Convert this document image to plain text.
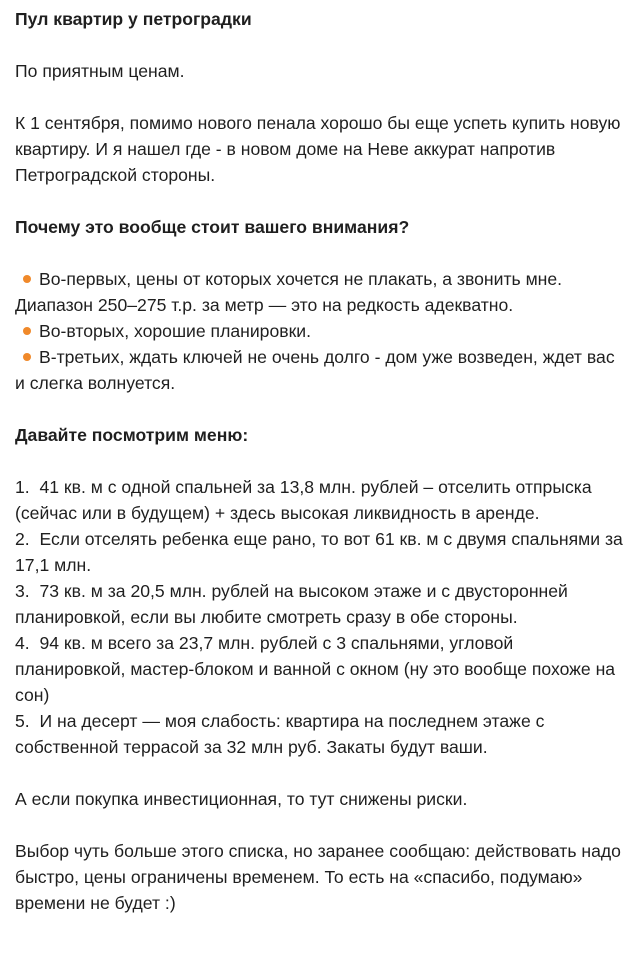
Пул квартир у петроградки
По приятным ценам.
К 1 сентября, помимо нового пенала хорошо бы еще успеть купить новую квартиру. И я нашел где - в новом доме на Неве аккурат напротив Петроградской стороны.
Почему это вообще стоит вашего внимания?
Во-первых, цены от которых хочется не плакать, а звонить мне. Диапазон 250–275 т.р. за метр — это на редкость адекватно.
Во-вторых, хорошие планировки.
В-третьих, ждать ключей не очень долго - дом уже возведен, ждет вас и слегка волнуется.
Давайте посмотрим меню:
1. 41 кв. м с одной спальней за 13,8 млн. рублей – отселить отпрыска (сейчас или в будущем) + здесь высокая ликвидность в аренде.
2. Если отселять ребенка еще рано, то вот 61 кв. м с двумя спальнями за 17,1 млн.
3. 73 кв. м за 20,5 млн. рублей на высоком этаже и с двусторонней планировкой, если вы любите смотреть сразу в обе стороны.
4. 94 кв. м всего за 23,7 млн. рублей с 3 спальнями, угловой планировкой, мастер-блоком и ванной с окном (ну это вообще похоже на сон)
5. И на десерт — моя слабость: квартира на последнем этаже с собственной террасой за 32 млн руб. Закаты будут ваши.
А если покупка инвестиционная, то тут снижены риски.
Выбор чуть больше этого списка, но заранее сообщаю: действовать надо быстро, цены ограничены временем. То есть на «спасибо, подумаю» времени не будет :)
